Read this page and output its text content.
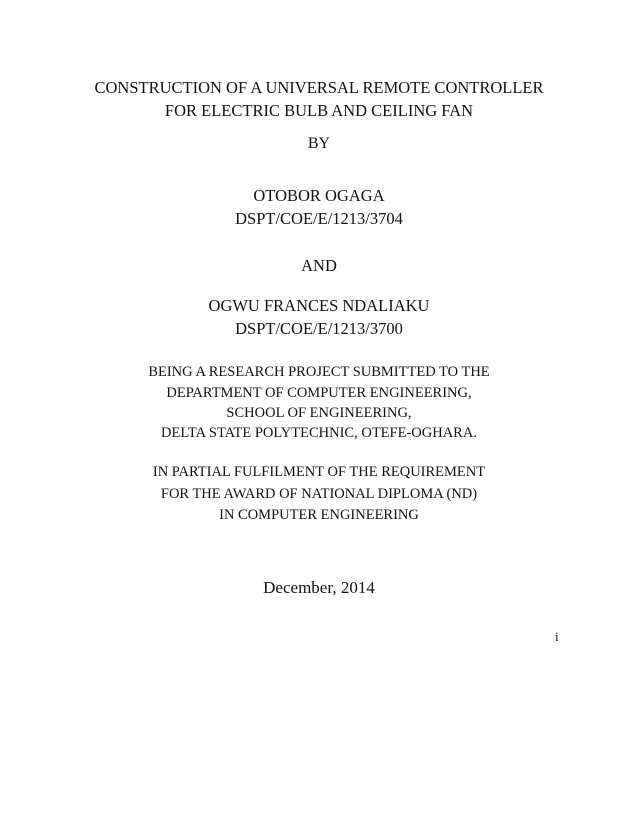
CONSTRUCTION OF A UNIVERSAL REMOTE CONTROLLER
FOR ELECTRIC BULB AND CEILING FAN
BY
OTOBOR OGAGA
DSPT/COE/E/1213/3704
AND
OGWU FRANCES NDALIAKU
DSPT/COE/E/1213/3700
BEING A RESEARCH PROJECT SUBMITTED TO THE
DEPARTMENT OF COMPUTER ENGINEERING,
SCHOOL OF ENGINEERING,
DELTA STATE POLYTECHNIC, OTEFE-OGHARA.
IN PARTIAL FULFILMENT OF THE REQUIREMENT
FOR THE AWARD OF NATIONAL DIPLOMA (ND)
IN COMPUTER ENGINEERING
December, 2014
i
